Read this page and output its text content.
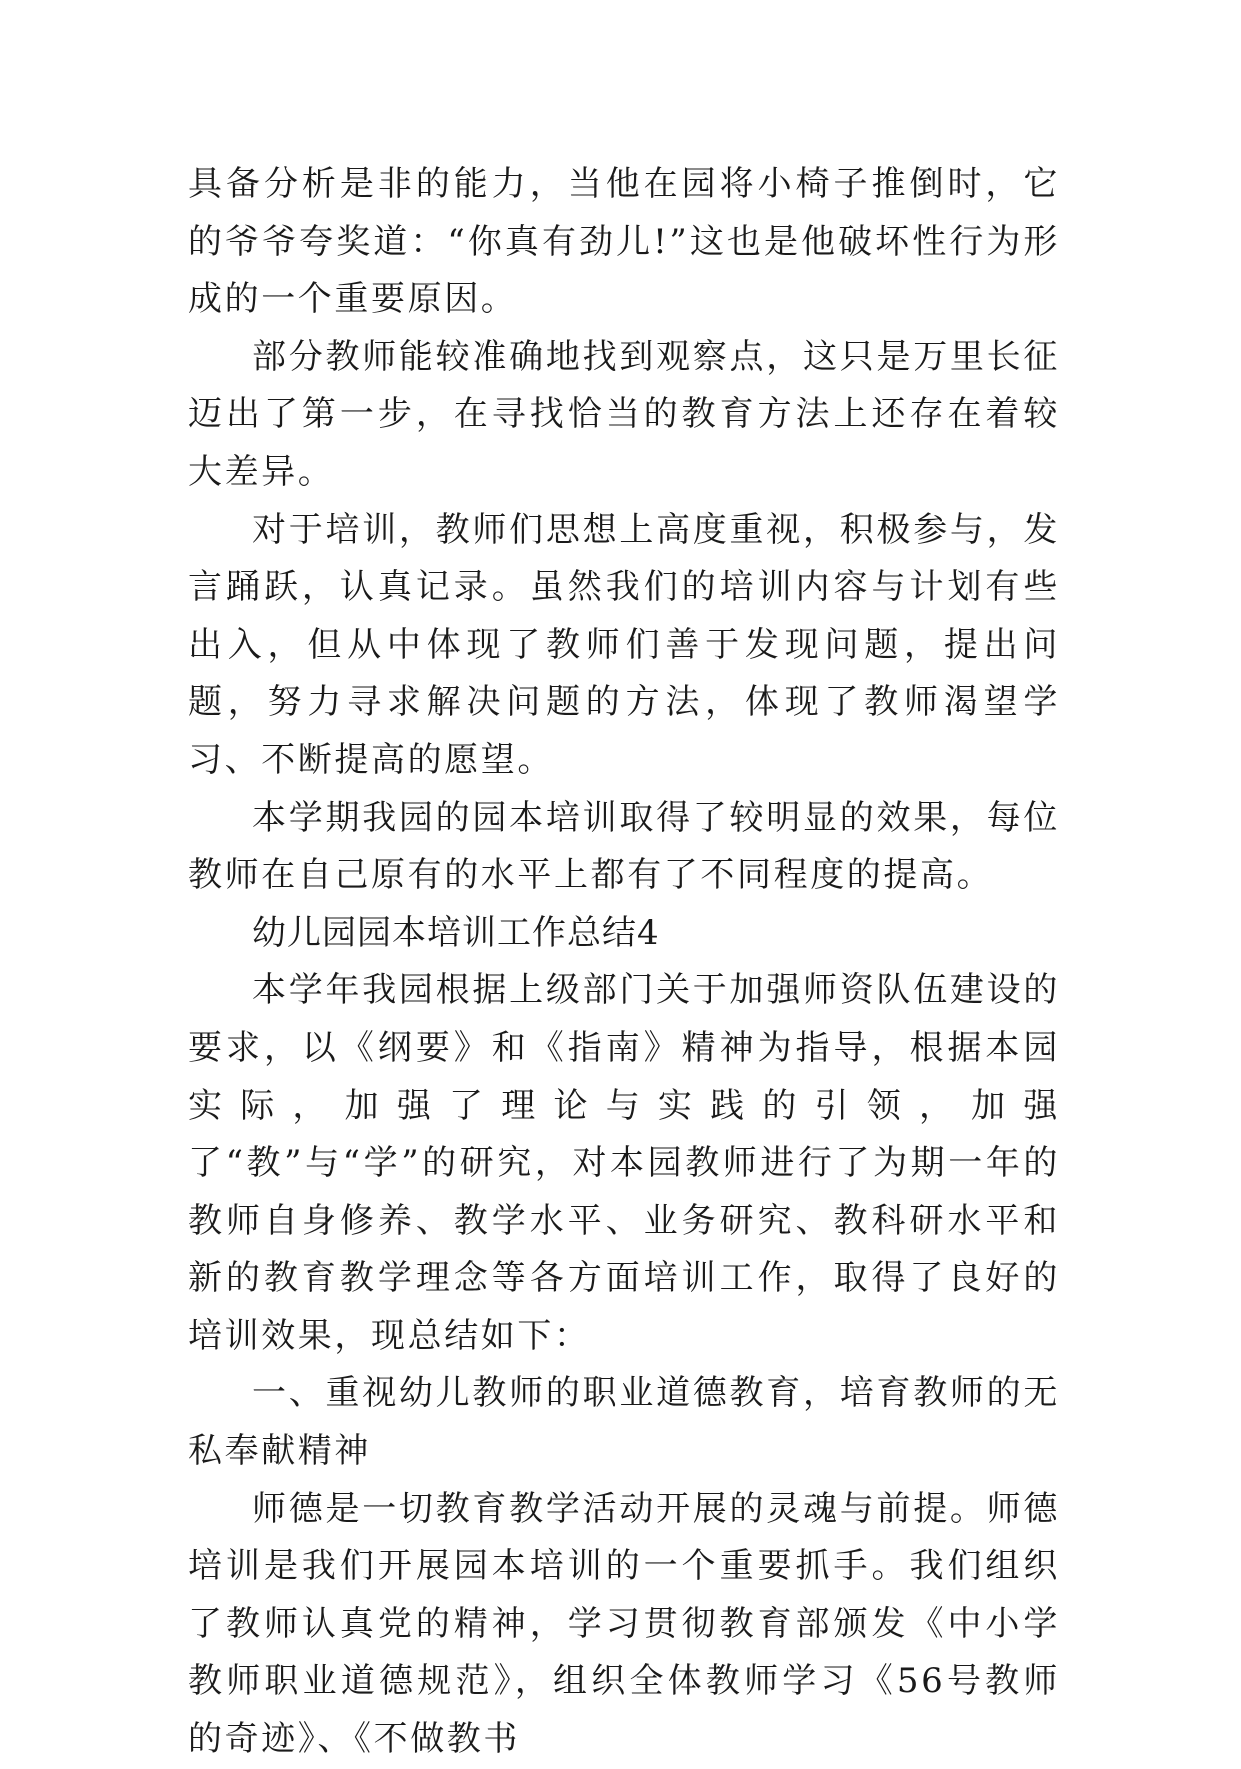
具备分析是非的能力，当他在园将小椅子推倒时，它的爷爷夸奖道：“你真有劲儿!”这也是他破坏性行为形成的一个重要原因。

部分教师能较准确地找到观察点，这只是万里长征迈出了第一步，在寻找恰当的教育方法上还存在着较大差异。

对于培训，教师们思想上高度重视，积极参与，发言踊跃，认真记录。虽然我们的培训内容与计划有些出入，但从中体现了教师们善于发现问题，提出问题，努力寻求解决问题的方法，体现了教师渴望学习、不断提高的愿望。

本学期我园的园本培训取得了较明显的效果，每位教师在自己原有的水平上都有了不同程度的提高。

幼儿园园本培训工作总结4

本学年我园根据上级部门关于加强师资队伍建设的要求，以《纲要》和《指南》精神为指导，根据本园实际，加强了理论与实践的引领，加强了“教”与“学”的研究，对本园教师进行了为期一年的教师自身修养、教学水平、业务研究、教科研水平和新的教育教学理念等各方面培训工作，取得了良好的培训效果，现总结如下：

一、重视幼儿教师的职业道德教育，培育教师的无私奉献精神

师德是一切教育教学活动开展的灵魂与前提。师德培训是我们开展园本培训的一个重要抓手。我们组织了教师认真党的精神，学习贯彻教育部颁发《中小学教师职业道德规范》，组织全体教师学习《56号教师的奇迹》、《不做教书
